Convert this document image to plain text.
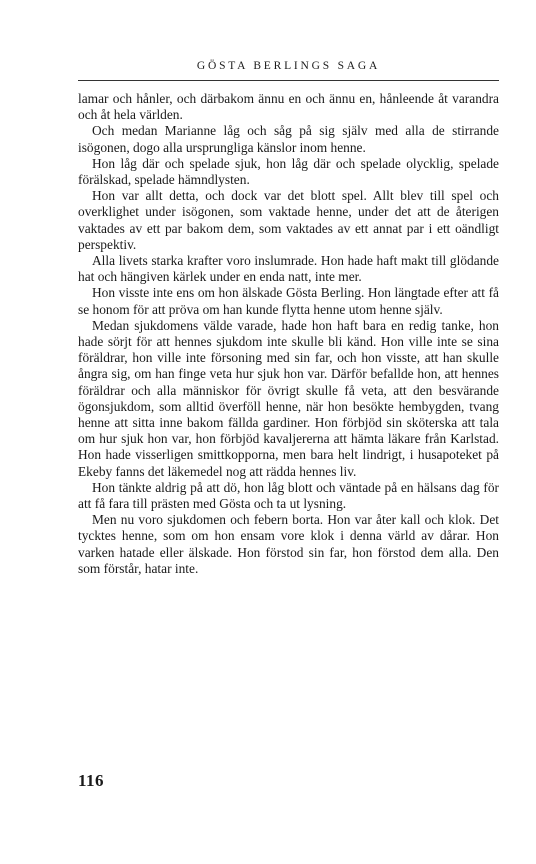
GÖSTA BERLINGS SAGA

lamar och hånler, och därbakom ännu en och ännu en, hånleende åt varandra och åt hela världen.

Och medan Marianne låg och såg på sig själv med alla de stirrande isögonen, dogo alla ursprungliga känslor inom henne.

Hon låg där och spelade sjuk, hon låg där och spelade olycklig, spelade förälskad, spelade hämndlysten.

Hon var allt detta, och dock var det blott spel. Allt blev till spel och overklighet under isögonen, som vaktade henne, under det att de återigen vaktades av ett par bakom dem, som vaktades av ett annat par i ett oändligt perspektiv.

Alla livets starka krafter voro inslumrade. Hon hade haft makt till glödande hat och hängiven kärlek under en enda natt, inte mer.

Hon visste inte ens om hon älskade Gösta Berling. Hon längtade efter att få se honom för att pröva om han kunde flytta henne utom henne själv.

Medan sjukdomens välde varade, hade hon haft bara en redig tanke, hon hade sörjt för att hennes sjukdom inte skulle bli känd. Hon ville inte se sina föräldrar, hon ville inte försoning med sin far, och hon visste, att han skulle ångra sig, om han finge veta hur sjuk hon var. Därför befallde hon, att hennes föräldrar och alla människor för övrigt skulle få veta, att den besvärande ögonsjukdom, som alltid överföll henne, när hon besökte hembygden, tvang henne att sitta inne bakom fällda gardiner. Hon förbjöd sin sköterska att tala om hur sjuk hon var, hon förbjöd kavaljererna att hämta läkare från Karlstad. Hon hade visserligen smittkopporna, men bara helt lindrigt, i husapoteket på Ekeby fanns det läkemedel nog att rädda hennes liv.

Hon tänkte aldrig på att dö, hon låg blott och väntade på en hälsans dag för att få fara till prästen med Gösta och ta ut lysning.

Men nu voro sjukdomen och febern borta. Hon var åter kall och klok. Det tycktes henne, som om hon ensam vore klok i denna värld av dårar. Hon varken hatade eller älskade. Hon förstod sin far, hon förstod dem alla. Den som förstår, hatar inte.

116
